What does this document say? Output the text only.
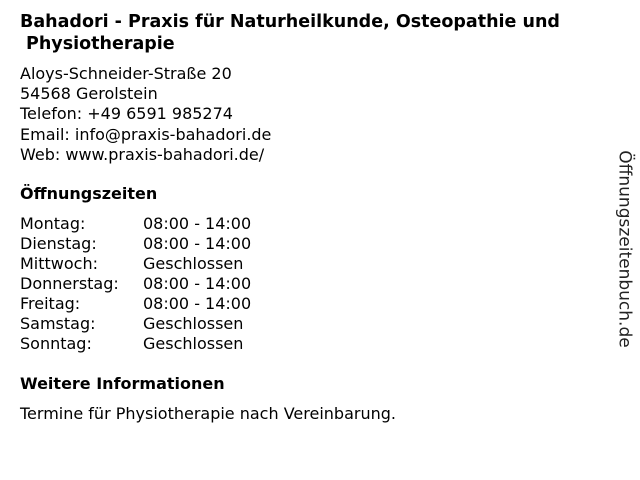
Bahadori - Praxis für Naturheilkunde, Osteopathie und
Physiotherapie
Aloys-Schneider-Straße 20
54568 Gerolstein
Telefon: +49 6591 985274
Email: info@praxis-bahadori.de
Web: www.praxis-bahadori.de/
Öffnungszeiten
Montag:	08:00 - 14:00
Dienstag:	08:00 - 14:00
Mittwoch:	Geschlossen
Donnerstag:	08:00 - 14:00
Freitag:	08:00 - 14:00
Samstag:	Geschlossen
Sonntag:	Geschlossen
Weitere Informationen
Termine für Physiotherapie nach Vereinbarung.
Öffnungszeitenbuch.de
